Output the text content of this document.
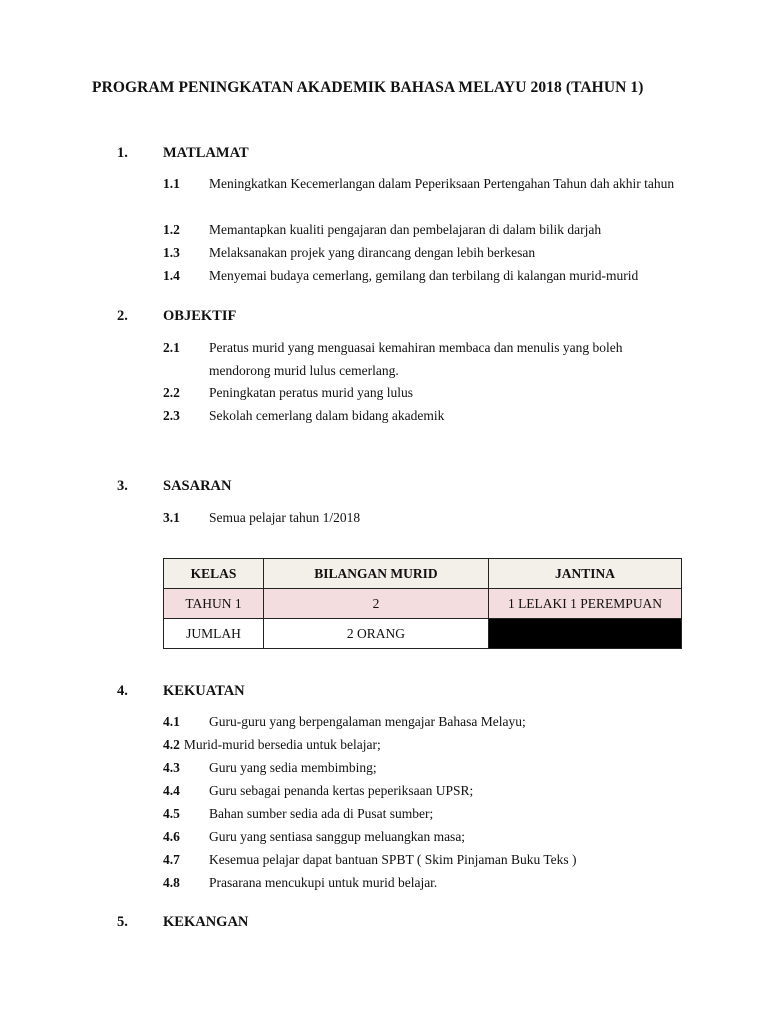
PROGRAM PENINGKATAN AKADEMIK BAHASA MELAYU 2018 (TAHUN 1)
1. MATLAMAT
1.1 Meningkatkan Kecemerlangan dalam Peperiksaan Pertengahan Tahun dah akhir tahun
1.2 Memantapkan kualiti pengajaran dan pembelajaran di dalam bilik darjah
1.3 Melaksanakan projek yang dirancang dengan lebih berkesan
1.4 Menyemai budaya cemerlang, gemilang dan terbilang di kalangan murid-murid
2. OBJEKTIF
2.1 Peratus murid yang menguasai kemahiran membaca dan menulis yang boleh mendorong murid lulus cemerlang.
2.2 Peningkatan peratus murid yang lulus
2.3 Sekolah cemerlang dalam bidang akademik
3. SASARAN
3.1 Semua pelajar tahun 1/2018
KELAS	BILANGAN MURID	JANTINA
TAHUN 1	2	1 LELAKI 1 PEREMPUAN
JUMLAH	2 ORANG	
4. KEKUATAN
4.1 Guru-guru yang berpengalaman mengajar Bahasa Melayu;
4.2 Murid-murid bersedia untuk belajar;
4.3 Guru yang sedia membimbing;
4.4 Guru sebagai penanda kertas peperiksaan UPSR;
4.5 Bahan sumber sedia ada di Pusat sumber;
4.6 Guru yang sentiasa sanggup meluangkan masa;
4.7 Kesemua pelajar dapat bantuan SPBT ( Skim Pinjaman Buku Teks )
4.8 Prasarana mencukupi untuk murid belajar.
5. KEKANGAN
